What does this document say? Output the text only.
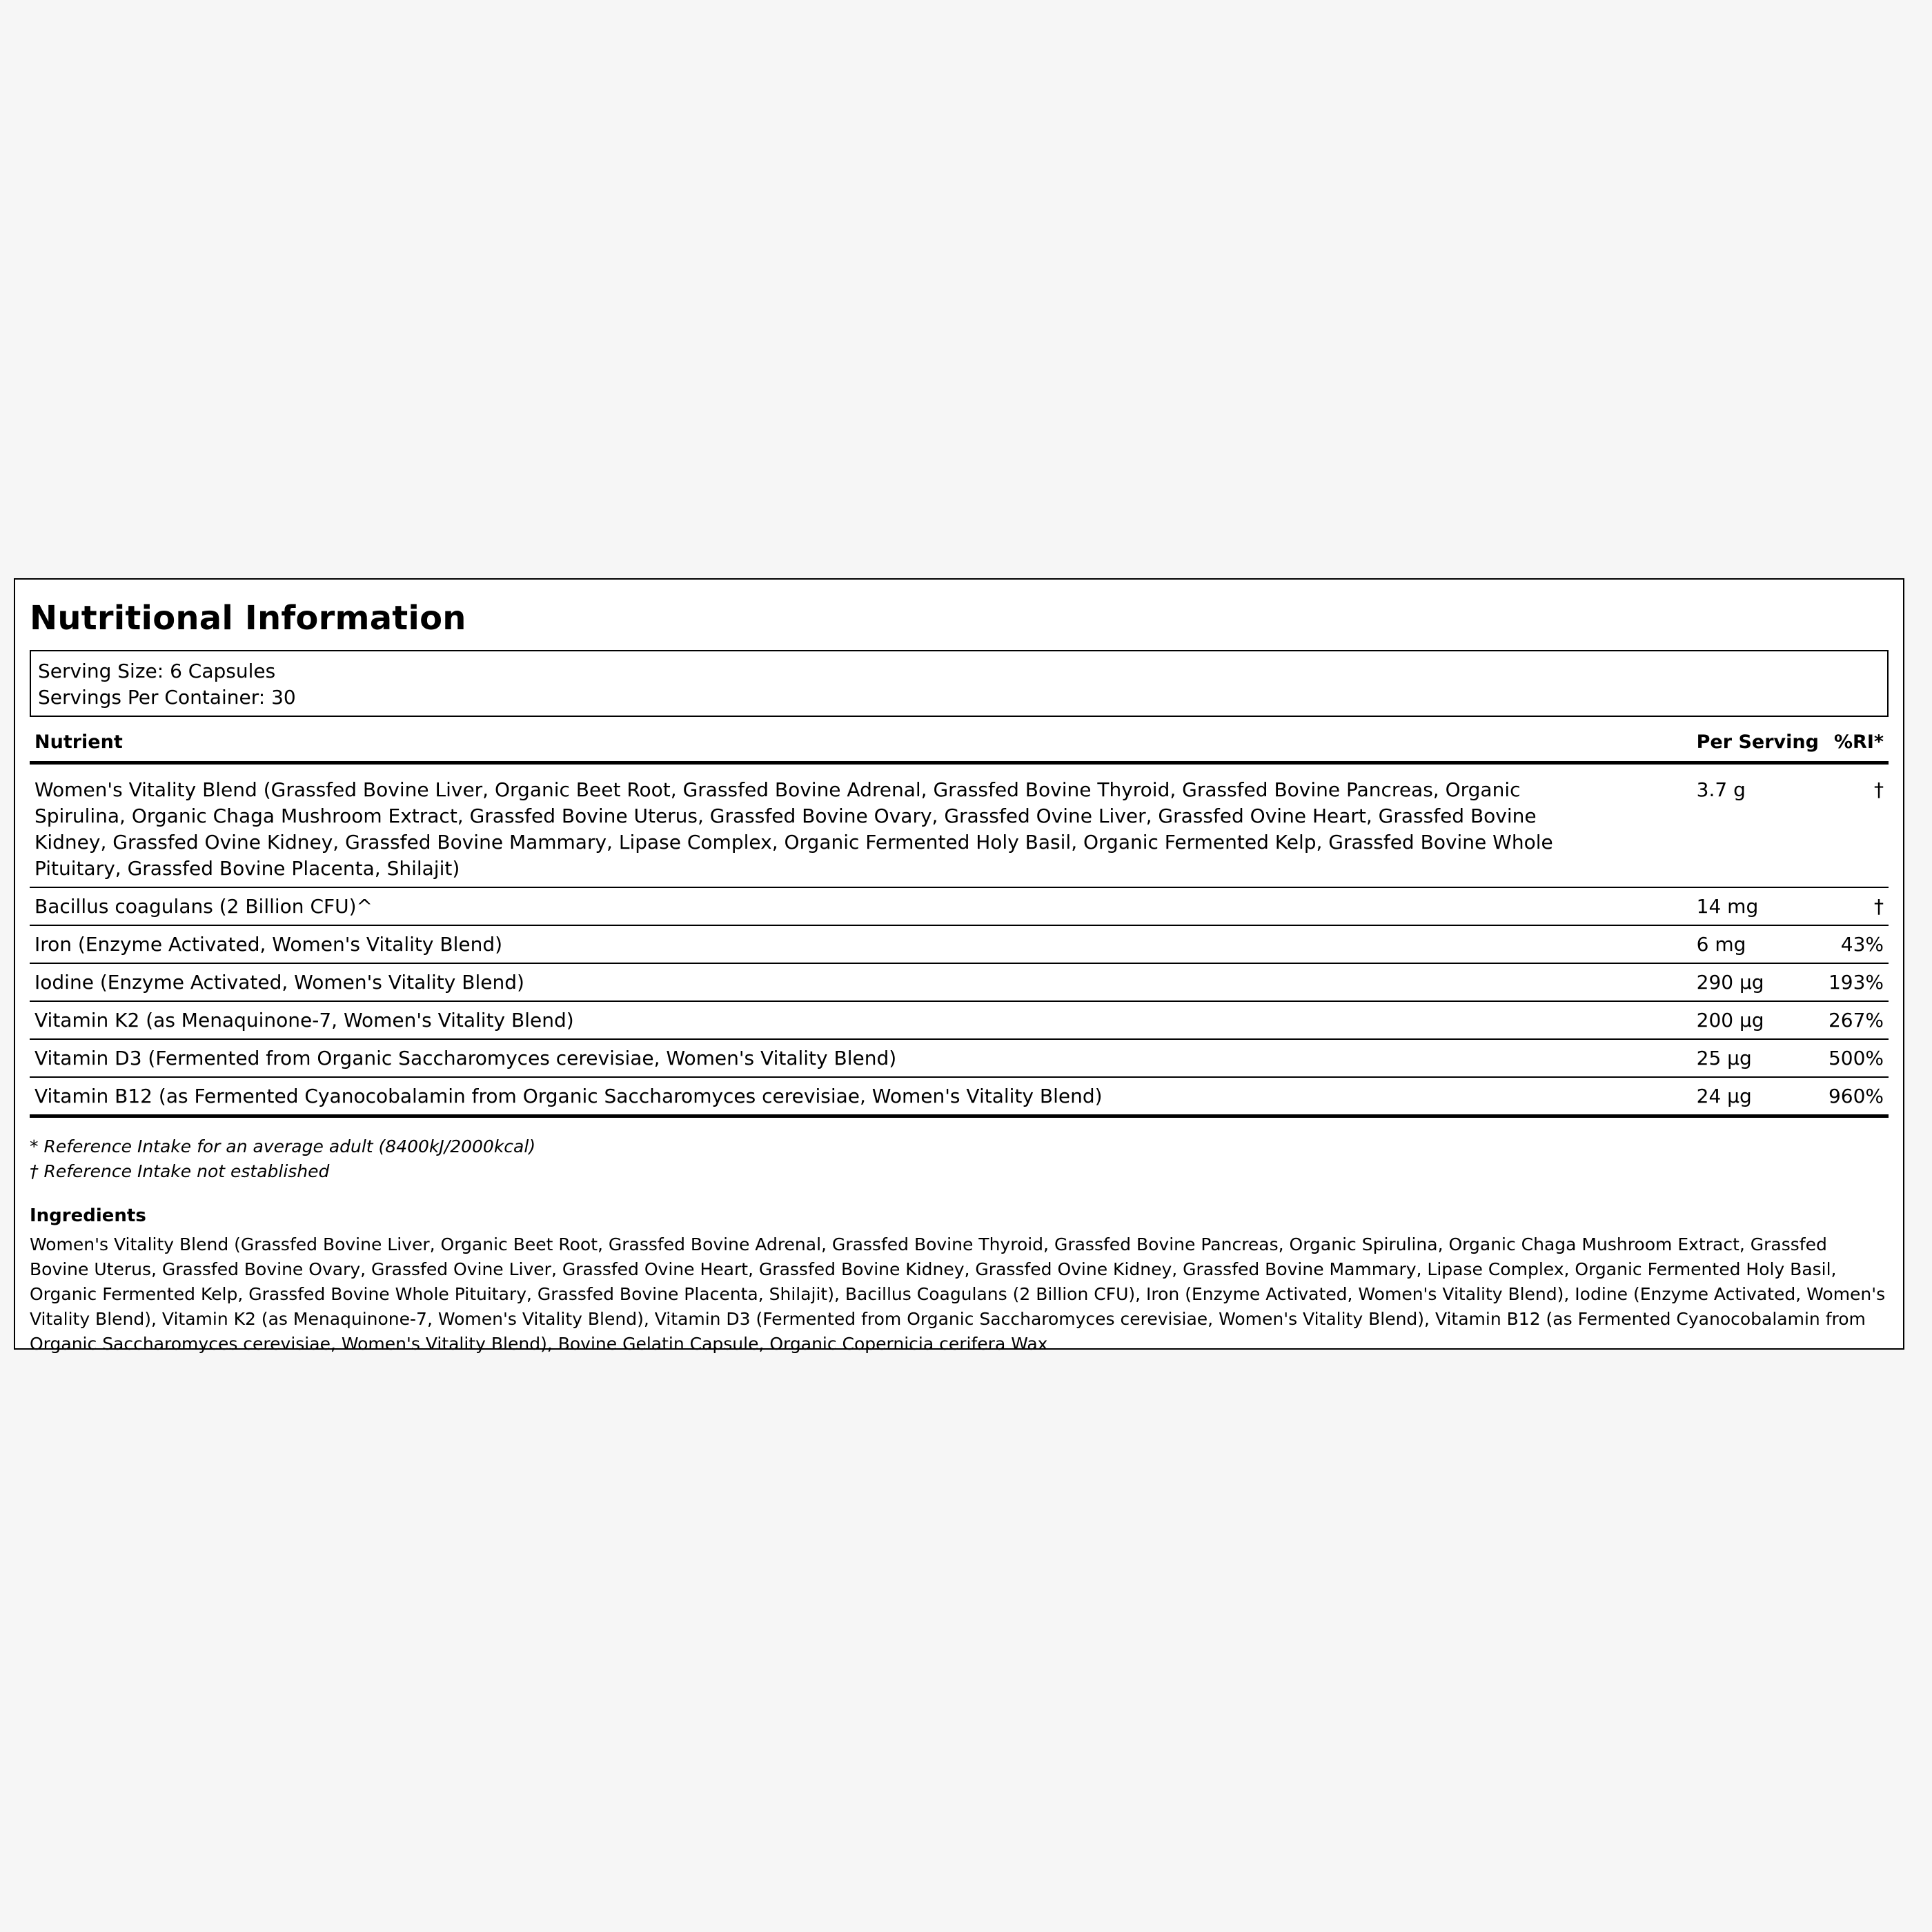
Nutritional Information
Serving Size: 6 Capsules
Servings Per Container: 30
Nutrient	Per Serving	%RI*
Women's Vitality Blend (Grassfed Bovine Liver, Organic Beet Root, Grassfed Bovine Adrenal, Grassfed Bovine Thyroid, Grassfed Bovine Pancreas, Organic Spirulina, Organic Chaga Mushroom Extract, Grassfed Bovine Uterus, Grassfed Bovine Ovary, Grassfed Ovine Liver, Grassfed Ovine Heart, Grassfed Bovine Kidney, Grassfed Ovine Kidney, Grassfed Bovine Mammary, Lipase Complex, Organic Fermented Holy Basil, Organic Fermented Kelp, Grassfed Bovine Whole Pituitary, Grassfed Bovine Placenta, Shilajit)	3.7 g	†
Bacillus coagulans (2 Billion CFU)^	14 mg	†
Iron (Enzyme Activated, Women's Vitality Blend)	6 mg	43%
Iodine (Enzyme Activated, Women's Vitality Blend)	290 µg	193%
Vitamin K2 (as Menaquinone-7, Women's Vitality Blend)	200 µg	267%
Vitamin D3 (Fermented from Organic Saccharomyces cerevisiae, Women's Vitality Blend)	25 µg	500%
Vitamin B12 (as Fermented Cyanocobalamin from Organic Saccharomyces cerevisiae, Women's Vitality Blend)	24 µg	960%
* Reference Intake for an average adult (8400kJ/2000kcal)
† Reference Intake not established
Ingredients
Women's Vitality Blend (Grassfed Bovine Liver, Organic Beet Root, Grassfed Bovine Adrenal, Grassfed Bovine Thyroid, Grassfed Bovine Pancreas, Organic Spirulina, Organic Chaga Mushroom Extract, Grassfed Bovine Uterus, Grassfed Bovine Ovary, Grassfed Ovine Liver, Grassfed Ovine Heart, Grassfed Bovine Kidney, Grassfed Ovine Kidney, Grassfed Bovine Mammary, Lipase Complex, Organic Fermented Holy Basil, Organic Fermented Kelp, Grassfed Bovine Whole Pituitary, Grassfed Bovine Placenta, Shilajit), Bacillus Coagulans (2 Billion CFU), Iron (Enzyme Activated, Women's Vitality Blend), Iodine (Enzyme Activated, Women's Vitality Blend), Vitamin K2 (as Menaquinone-7, Women's Vitality Blend), Vitamin D3 (Fermented from Organic Saccharomyces cerevisiae, Women's Vitality Blend), Vitamin B12 (as Fermented Cyanocobalamin from Organic Saccharomyces cerevisiae, Women's Vitality Blend), Bovine Gelatin Capsule, Organic Copernicia cerifera Wax
